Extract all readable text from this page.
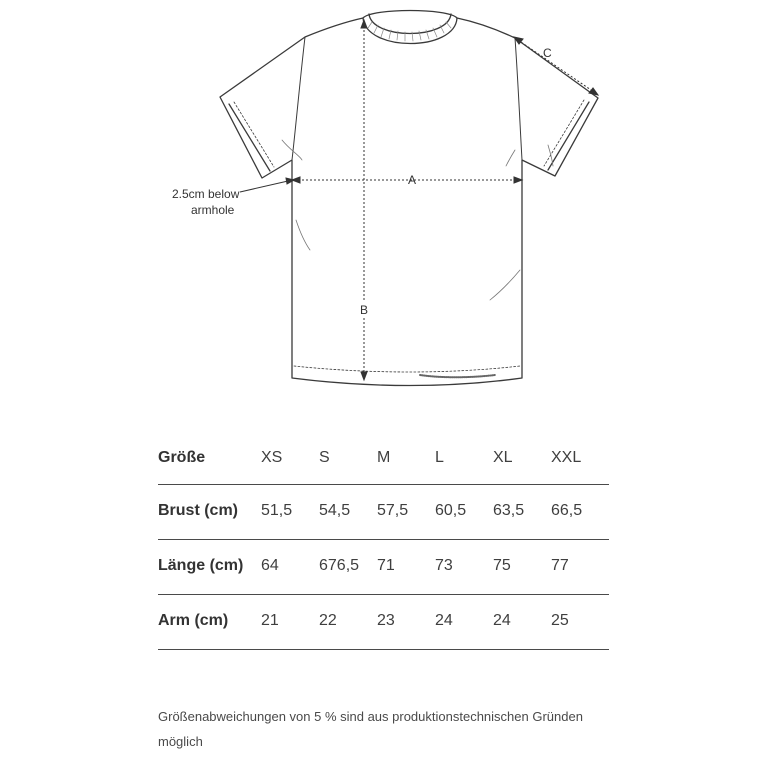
A
B
C
2.5cm below
armhole
Größe	XS	S	M	L	XL	XXL
Brust (cm)	51,5	54,5	57,5	60,5	63,5	66,5
Länge (cm)	64	676,5	71	73	75	77
Arm (cm)	21	22	23	24	24	25
Größenabweichungen von 5 % sind aus produktionstechnischen Gründen möglich
